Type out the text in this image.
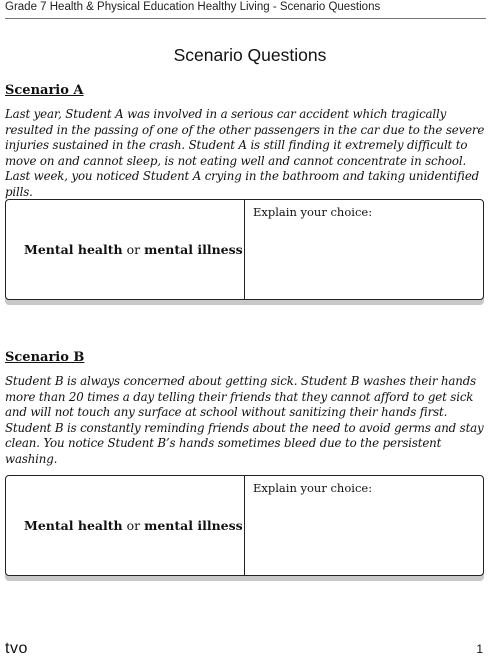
Grade 7 Health & Physical Education Healthy Living - Scenario Questions
Scenario Questions
Scenario A

Last year, Student A was involved in a serious car accident which tragically resulted in the passing of one of the other passengers in the car due to the severe injuries sustained in the crash. Student A is still finding it extremely difficult to move on and cannot sleep, is not eating well and cannot concentrate in school. Last week, you noticed Student A crying in the bathroom and taking unidentified pills.

Mental health or mental illness
Explain your choice:
Scenario B

Student B is always concerned about getting sick. Student B washes their hands more than 20 times a day telling their friends that they cannot afford to get sick and will not touch any surface at school without sanitizing their hands first. Student B is constantly reminding friends about the need to avoid germs and stay clean. You notice Student B’s hands sometimes bleed due to the persistent washing.

Mental health or mental illness
Explain your choice:
tvo	1
